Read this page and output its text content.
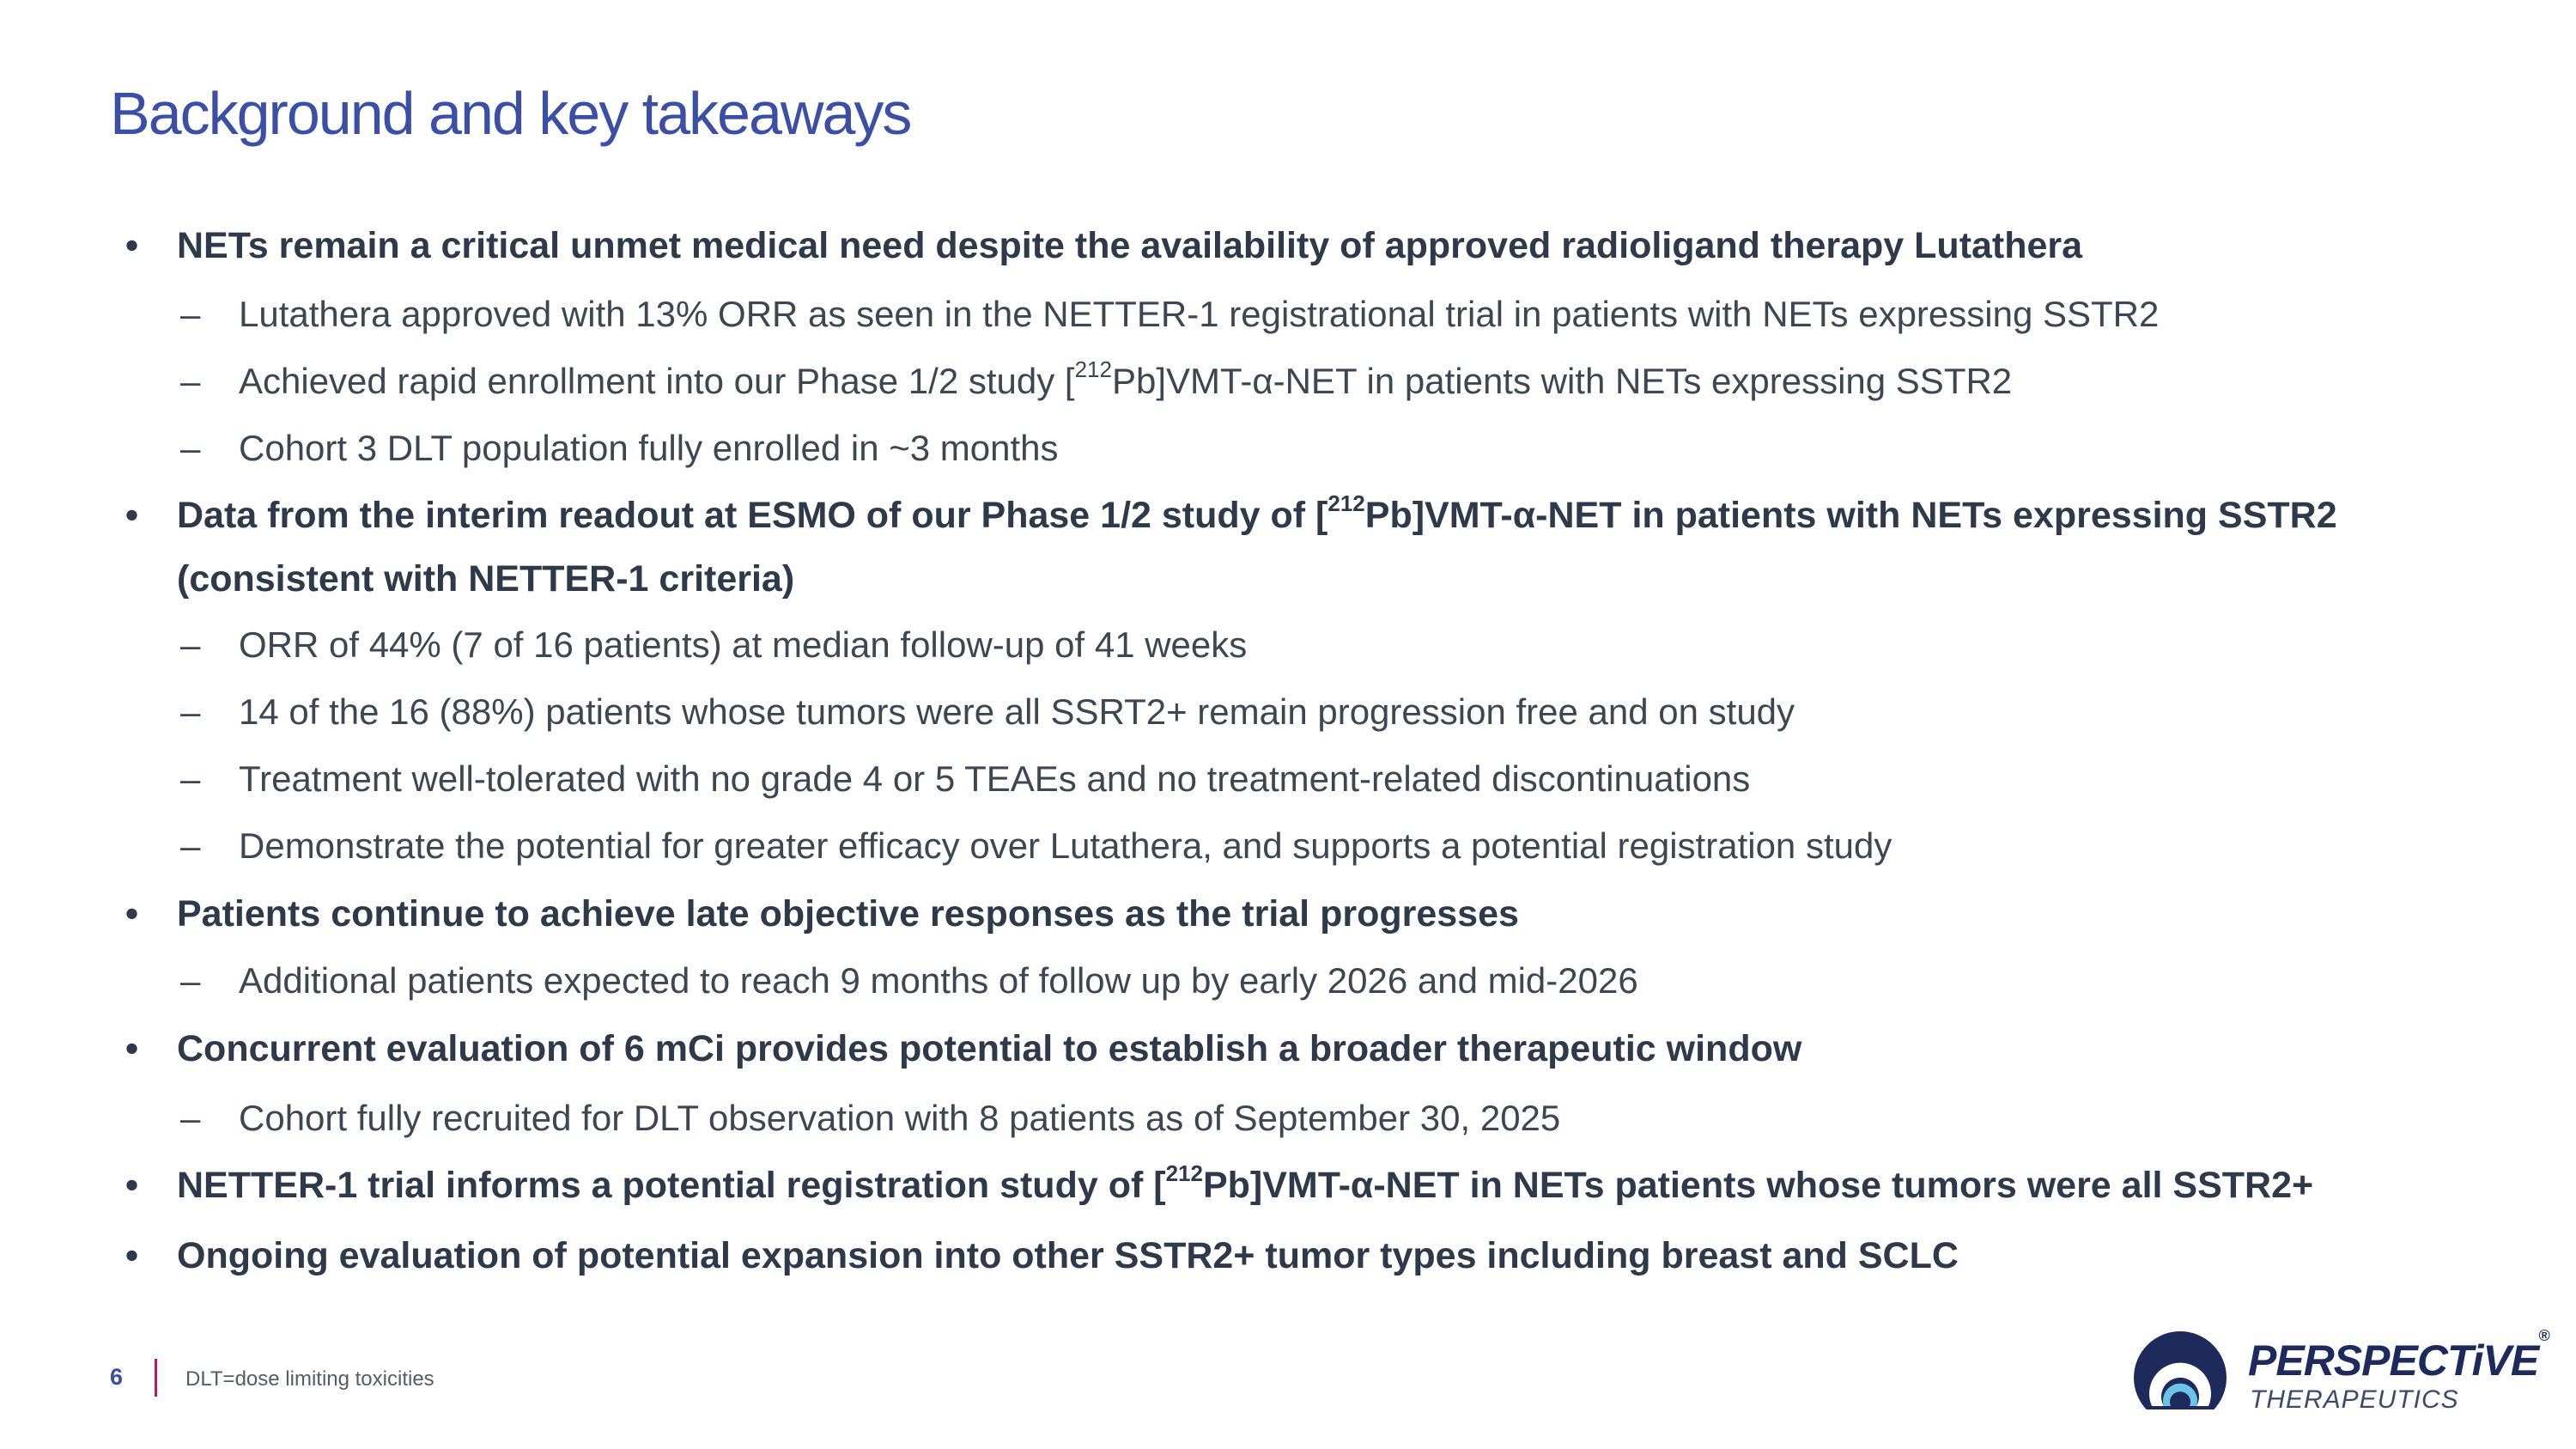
Background and key takeaways
• NETs remain a critical unmet medical need despite the availability of approved radioligand therapy Lutathera
– Lutathera approved with 13% ORR as seen in the NETTER-1 registrational trial in patients with NETs expressing SSTR2
– Achieved rapid enrollment into our Phase 1/2 study [$^{212}$Pb]VMT-α-NET in patients with NETs expressing SSTR2
– Cohort 3 DLT population fully enrolled in ~3 months
• Data from the interim readout at ESMO of our Phase 1/2 study of [$^{212}$Pb]VMT-α-NET in patients with NETs expressing SSTR2
(consistent with NETTER-1 criteria)
– ORR of 44% (7 of 16 patients) at median follow-up of 41 weeks
– 14 of the 16 (88%) patients whose tumors were all SSRT2+ remain progression free and on study
– Treatment well-tolerated with no grade 4 or 5 TEAEs and no treatment-related discontinuations
– Demonstrate the potential for greater efficacy over Lutathera, and supports a potential registration study
• Patients continue to achieve late objective responses as the trial progresses
– Additional patients expected to reach 9 months of follow up by early 2026 and mid-2026
• Concurrent evaluation of 6 mCi provides potential to establish a broader therapeutic window
– Cohort fully recruited for DLT observation with 8 patients as of September 30, 2025
• NETTER-1 trial informs a potential registration study of [$^{212}$Pb]VMT-α-NET in NETs patients whose tumors were all SSTR2+
• Ongoing evaluation of potential expansion into other SSTR2+ tumor types including breast and SCLC
6	DLT=dose limiting toxicities	PERSPECTiVE®
THERAPEUTICS
